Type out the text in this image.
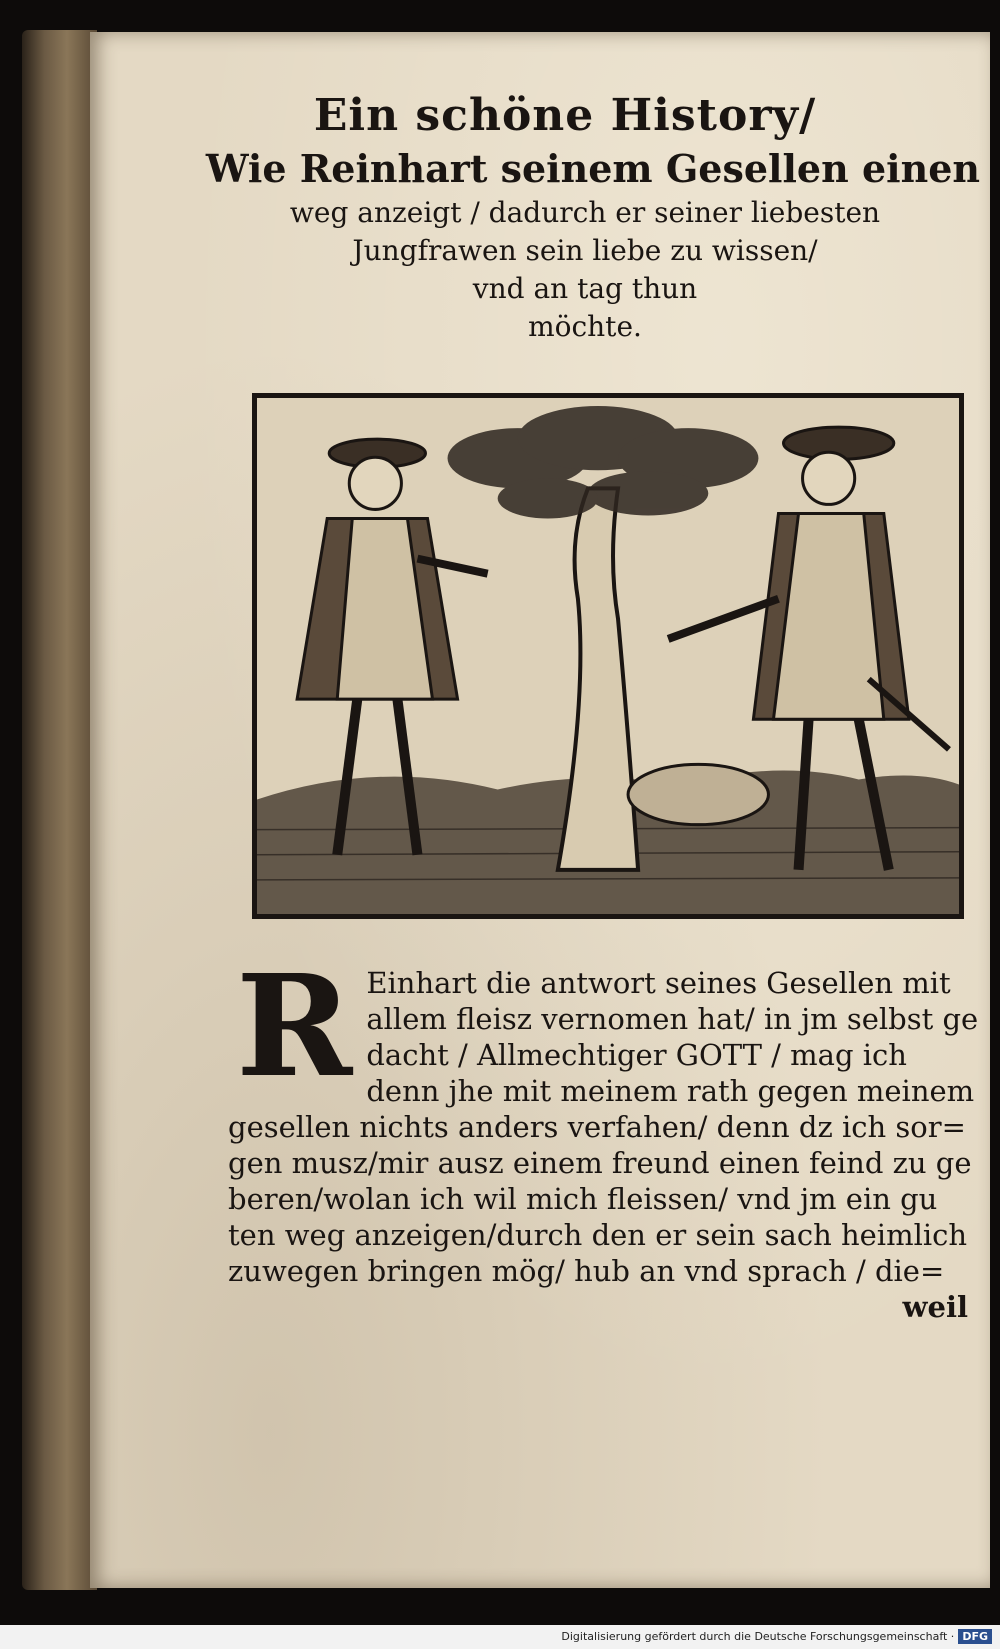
Ein schöne History/
Wie Reinhart seinem Gesellen einen
weg anzeigt / dadurch er seiner liebesten
Jungfrawen sein liebe zu wissen/
vnd an tag thun
möchte.
R Einhart die antwort seines Gesellen mit
allem fleisz vernomen hat/ in jm selbst ge
dacht / Allmechtiger GOTT / mag ich
denn jhe mit meinem rath gegen meinem
gesellen nichts anders verfahen/ denn dz ich sor=
gen musz/mir ausz einem freund einen feind zu ge
beren/wolan ich wil mich fleissen/ vnd jm ein gu
ten weg anzeigen/durch den er sein sach heimlich
zuwegen bringen mög/ hub an vnd sprach / die=
weil
Digitalisierung gefördert durch die Deutsche Forschungsgemeinschaft · DFG
